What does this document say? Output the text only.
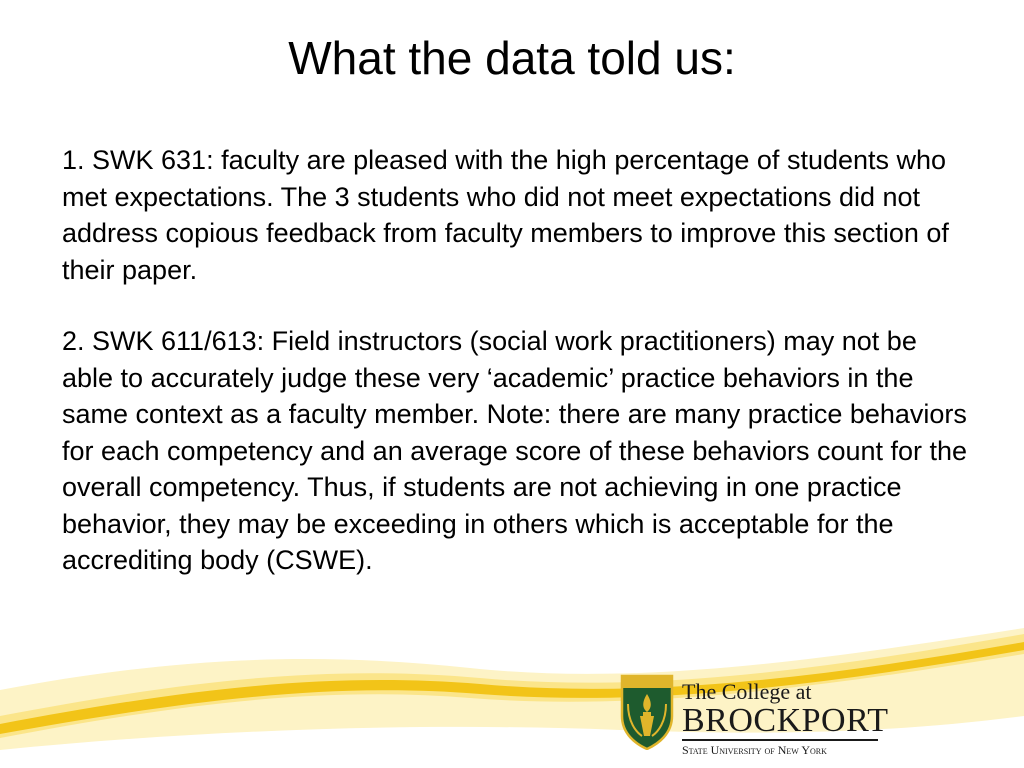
What the data told us:

1. SWK 631: faculty are pleased with the high percentage of students who met expectations. The 3 students who did not meet expectations did not address copious feedback from faculty members to improve this section of their paper.

2. SWK 611/613: Field instructors (social work practitioners) may not be able to accurately judge these very ‘academic’ practice behaviors in the same context as a faculty member. Note: there are many practice behaviors for each competency and an average score of these behaviors count for the overall competency. Thus, if students are not achieving in one practice behavior, they may be exceeding in others which is acceptable for the accrediting body (CSWE).

The College at
BROCKPORT
State University of New York
